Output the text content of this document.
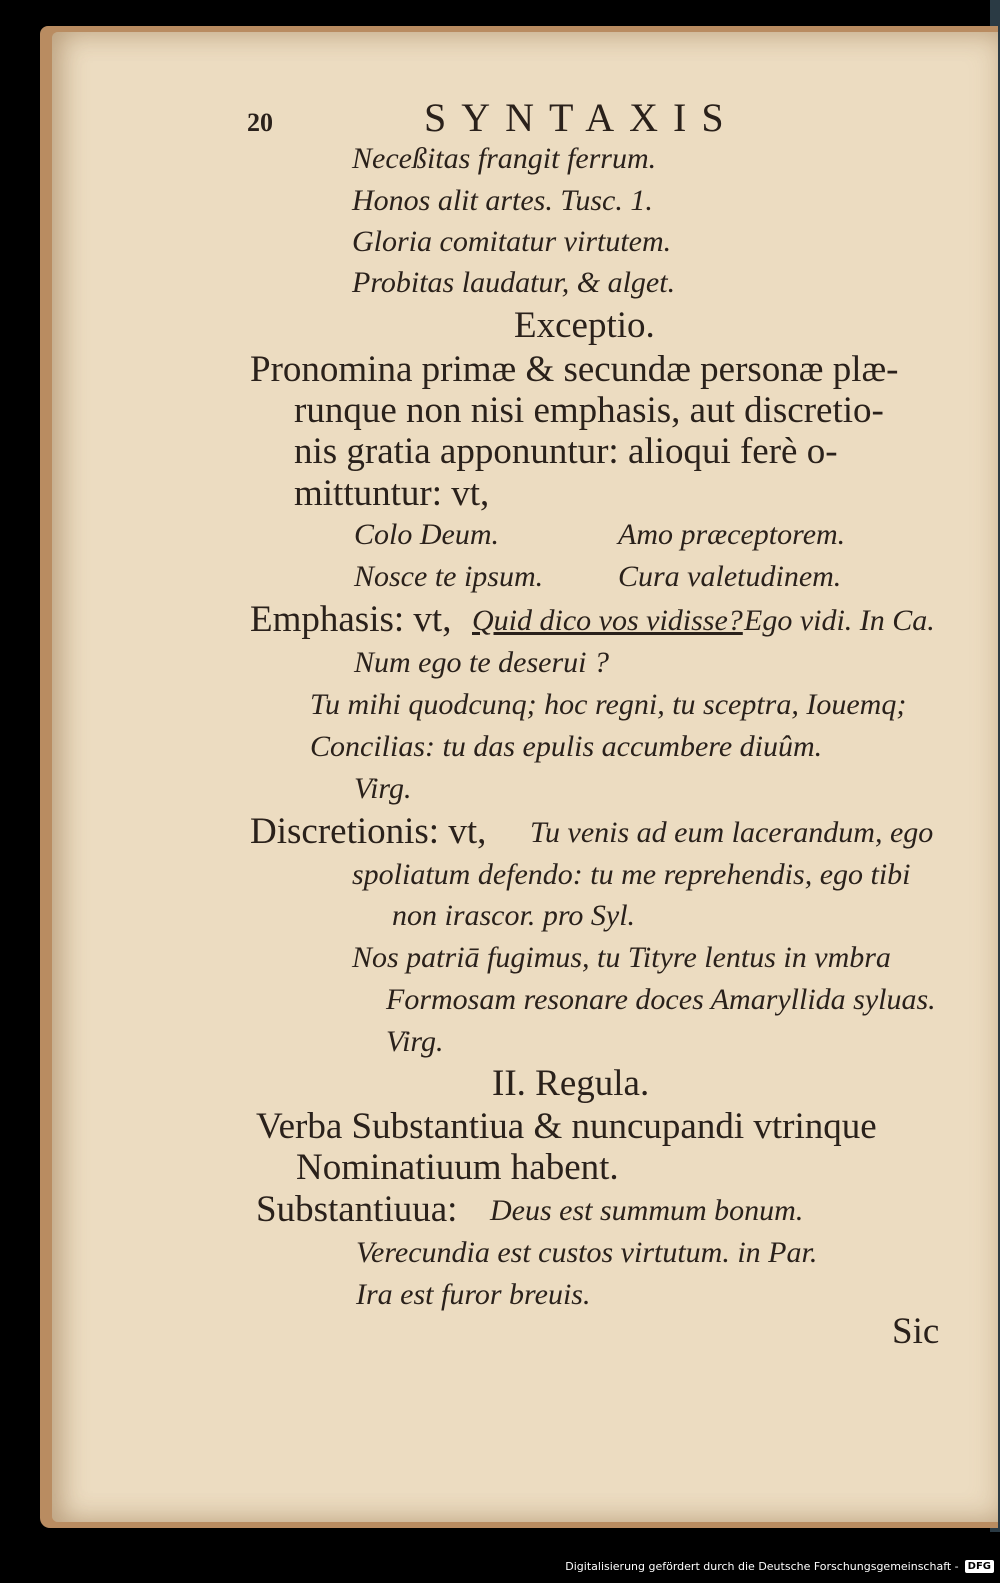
20	SYNTAXIS
Neceßitas frangit ferrum.
Honos alit artes. Tusc. 1.
Gloria comitatur virtutem.
Probitas laudatur, & alget.
Exceptio.
Pronomina primæ & secundæ personæ plæ-
runque non nisi emphasis, aut discretio-
nis gratia apponuntur: alioqui ferè o-
mittuntur: vt,
Colo Deum.	Amo præceptorem.
Nosce te ipsum. Cura valetudinem.
Emphasis: vt, Quid dico vos vidisse? Ego vidi. In Ca.
Num ego te deserui ?
Tu mihi quodcunq; hoc regni, tu sceptra, Iouemq;
Concilias: tu das epulis accumbere diuûm.
Virg.
Discretionis: vt, Tu venis ad eum lacerandum, ego
spoliatum defendo: tu me reprehendis, ego tibi
non irascor. pro Syl.
Nos patriā fugimus, tu Tityre lentus in vmbra
Formosam resonare doces Amaryllida syluas.
Virg.
II. Regula.
Verba Substantiua & nuncupandi vtrinque
Nominatiuum habent.
Substantiuua: Deus est summum bonum.
Verecundia est custos virtutum. in Par.
Ira est furor breuis.
Sic
Digitalisierung gefördert durch die Deutsche Forschungsgemeinschaft - DFG
